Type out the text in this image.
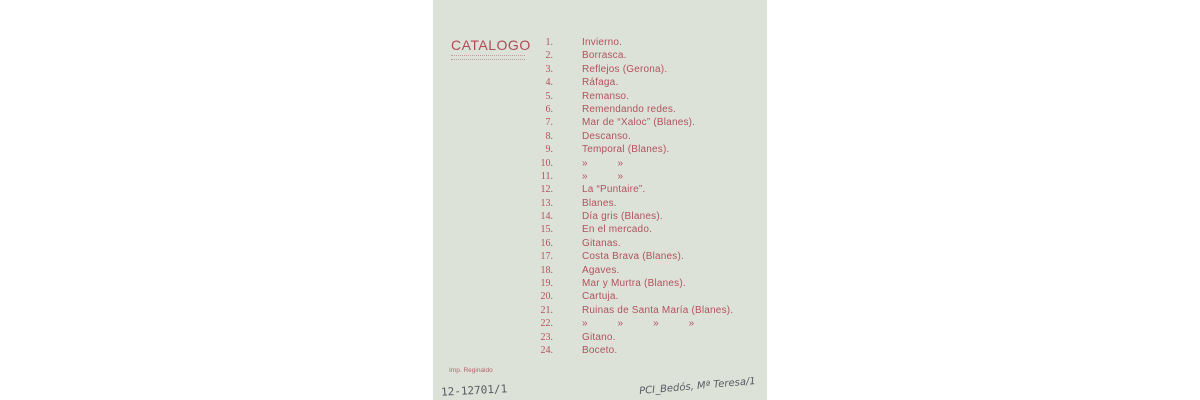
CATALOGO	1.	Invierno.
2.	Borrasca.
3.	Reflejos (Gerona).
4.	Ráfaga.
5.	Remanso.
6.	Remendando redes.
7.	Mar de “Xaloc” (Blanes).
8.	Descanso.
9.	Temporal (Blanes).
10.	»          »
11.	»          »
12.	La “Puntaire”.
13.	Blanes.
14.	Día gris (Blanes).
15.	En el mercado.
16.	Gitanas.
17.	Costa Brava (Blanes).
18.	Agaves.
19.	Mar y Murtra (Blanes).
20.	Cartuja.
21.	Ruinas de Santa María (Blanes).
22.	»          »          »          »
23.	Gitano.
24.	Boceto.
Imp. Reginaldo
12-12701/1	PCI_Bedós, Mª Teresa/1
